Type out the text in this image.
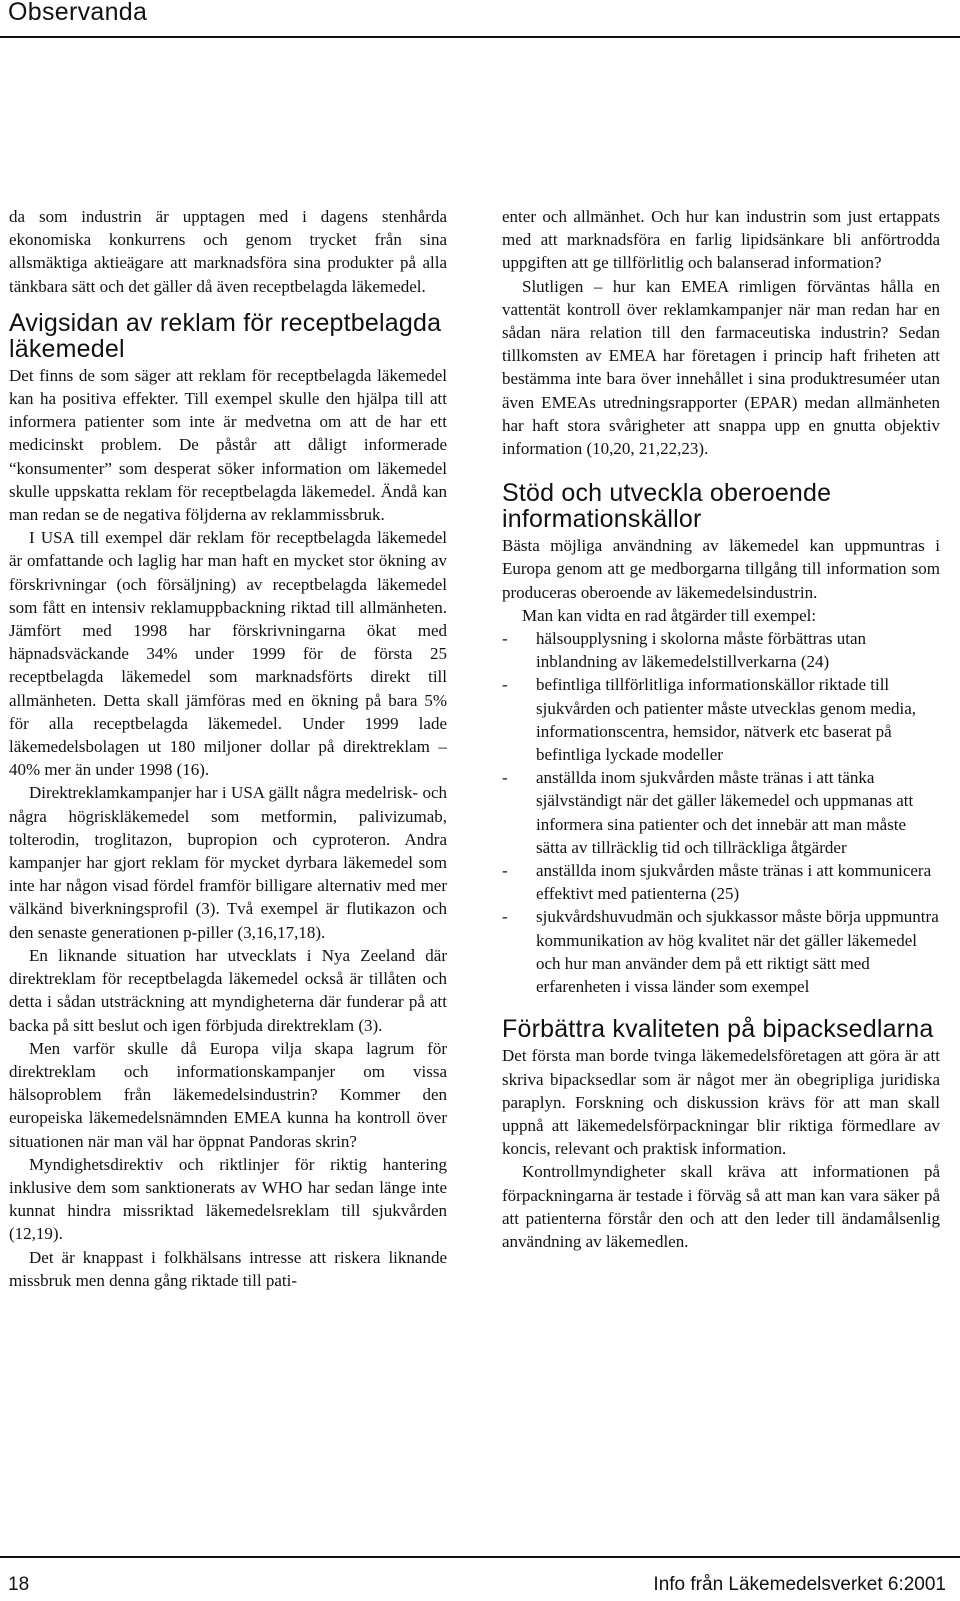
Observanda

da som industrin är upptagen med i dagens stenhårda ekonomiska konkurrens och genom trycket från sina allsmäktiga aktieägare att marknadsföra sina produkter på alla tänkbara sätt och det gäller då även receptbelagda läkemedel.

Avigsidan av reklam för receptbelagda läkemedel

Det finns de som säger att reklam för receptbelagda läkemedel kan ha positiva effekter. Till exempel skulle den hjälpa till att informera patienter som inte är medvetna om att de har ett medicinskt problem. De påstår att dåligt informerade “konsumenter” som desperat söker information om läkemedel skulle uppskatta reklam för receptbelagda läkemedel. Ändå kan man redan se de negativa följderna av reklammissbruk.

I USA till exempel där reklam för receptbelagda läkemedel är omfattande och laglig har man haft en mycket stor ökning av förskrivningar (och försäljning) av receptbelagda läkemedel som fått en intensiv reklamuppbackning riktad till allmänheten. Jämfört med 1998 har förskrivningarna ökat med häpnadsväckande 34% under 1999 för de första 25 receptbelagda läkemedel som marknadsförts direkt till allmänheten. Detta skall jämföras med en ökning på bara 5% för alla receptbelagda läkemedel. Under 1999 lade läkemedelsbolagen ut 180 miljoner dollar på direktreklam – 40% mer än under 1998 (16).

Direktreklamkampanjer har i USA gällt några medelrisk- och några högriskläkemedel som metformin, palivizumab, tolterodin, troglitazon, bupropion och cyproteron. Andra kampanjer har gjort reklam för mycket dyrbara läkemedel som inte har någon visad fördel framför billigare alternativ med mer välkänd biverkningsprofil (3). Två exempel är flutikazon och den senaste generationen p-piller (3,16,17,18).

En liknande situation har utvecklats i Nya Zeeland där direktreklam för receptbelagda läkemedel också är tillåten och detta i sådan utsträckning att myndigheterna där funderar på att backa på sitt beslut och igen förbjuda direktreklam (3).

Men varför skulle då Europa vilja skapa lagrum för direktreklam och informationskampanjer om vissa hälsoproblem från läkemedelsindustrin? Kommer den europeiska läkemedelsnämnden EMEA kunna ha kontroll över situationen när man väl har öppnat Pandoras skrin?

Myndighetsdirektiv och riktlinjer för riktig hantering inklusive dem som sanktionerats av WHO har sedan länge inte kunnat hindra missriktad läkemedelsreklam till sjukvården (12,19).

Det är knappast i folkhälsans intresse att riskera liknande missbruk men denna gång riktade till pati-

enter och allmänhet. Och hur kan industrin som just ertappats med att marknadsföra en farlig lipidsänkare bli anförtrodda uppgiften att ge tillförlitlig och balanserad information?

Slutligen – hur kan EMEA rimligen förväntas hålla en vattentät kontroll över reklamkampanjer när man redan har en sådan nära relation till den farmaceutiska industrin? Sedan tillkomsten av EMEA har företagen i princip haft friheten att bestämma inte bara över innehållet i sina produktresuméer utan även EMEAs utredningsrapporter (EPAR) medan allmänheten har haft stora svårigheter att snappa upp en gnutta objektiv information (10,20, 21,22,23).

Stöd och utveckla oberoende informationskällor

Bästa möjliga användning av läkemedel kan uppmuntras i Europa genom att ge medborgarna tillgång till information som produceras oberoende av läkemedelsindustrin.

Man kan vidta en rad åtgärder till exempel:

- hälsoupplysning i skolorna måste förbättras utan inblandning av läkemedelstillverkarna (24)
- befintliga tillförlitliga informationskällor riktade till sjukvården och patienter måste utvecklas genom media, informationscentra, hemsidor, nätverk etc baserat på befintliga lyckade modeller
- anställda inom sjukvården måste tränas i att tänka självständigt när det gäller läkemedel och uppmanas att informera sina patienter och det innebär att man måste sätta av tillräcklig tid och tillräckliga åtgärder
- anställda inom sjukvården måste tränas i att kommunicera effektivt med patienterna (25)
- sjukvårdshuvudmän och sjukkassor måste börja uppmuntra kommunikation av hög kvalitet när det gäller läkemedel och hur man använder dem på ett riktigt sätt med erfarenheten i vissa länder som exempel
Förbättra kvaliteten på bipacksedlarna

Det första man borde tvinga läkemedelsföretagen att göra är att skriva bipacksedlar som är något mer än obegripliga juridiska paraplyn. Forskning och diskussion krävs för att man skall uppnå att läkemedelsförpackningar blir riktiga förmedlare av koncis, relevant och praktisk information.

Kontrollmyndigheter skall kräva att informationen på förpackningarna är testade i förväg så att man kan vara säker på att patienterna förstår den och att den leder till ändamålsenlig användning av läkemedlen.

18	Info från Läkemedelsverket 6:2001
